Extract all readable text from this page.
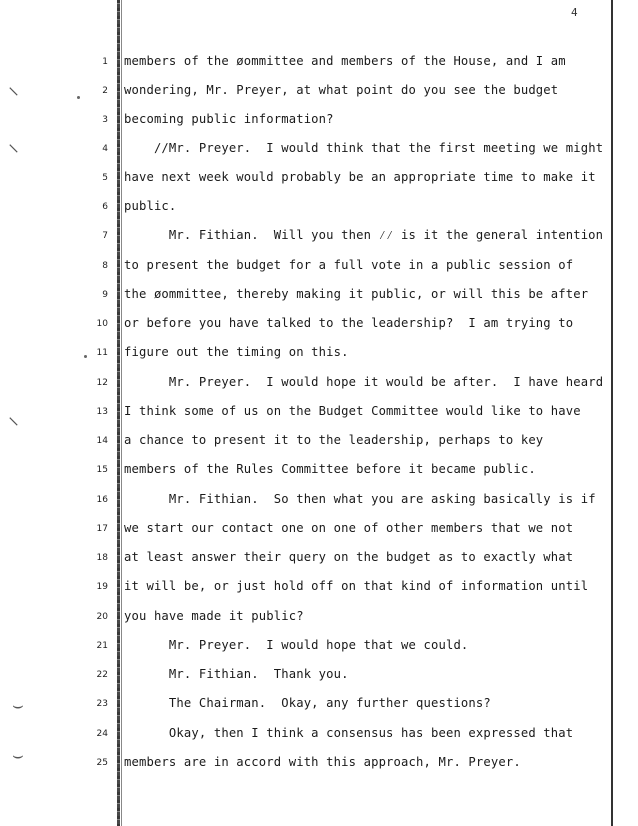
4
⸌
⸌
⸌
⌣
⌣
1 members of the øommittee and members of the House, and I am
2 wondering, Mr. Preyer, at what point do you see the budget
3 becoming public information?
4 ∕∕Mr. Preyer.  I would think that the first meeting we might
5 have next week would probably be an appropriate time to make it
6 public.
7 Mr. Fithian.  Will you then ⁄⁄ is it the general intention
8 to present the budget for a full vote in a public session of
9 the øommittee, thereby making it public, or will this be after
10 or before you have talked to the leadership?  I am trying to
11 figure out the timing on this.
12 Mr. Preyer.  I would hope it would be after.  I have heard
13 I think some of us on the Budget Committee would like to have
14 a chance to present it to the leadership, perhaps to key
15 members of the Rules Committee before it became public.
16 Mr. Fithian.  So then what you are asking basically is if
17 we start our contact one on one of other members that we not
18 at least answer their query on the budget as to exactly what
19 it will be, or just hold off on that kind of information until
20 you have made it public?
21 Mr. Preyer.  I would hope that we could.
22 Mr. Fithian.  Thank you.
23 The Chairman.  Okay, any further questions?
24 Okay, then I think a consensus has been expressed that
25 members are in accord with this approach, Mr. Preyer.
